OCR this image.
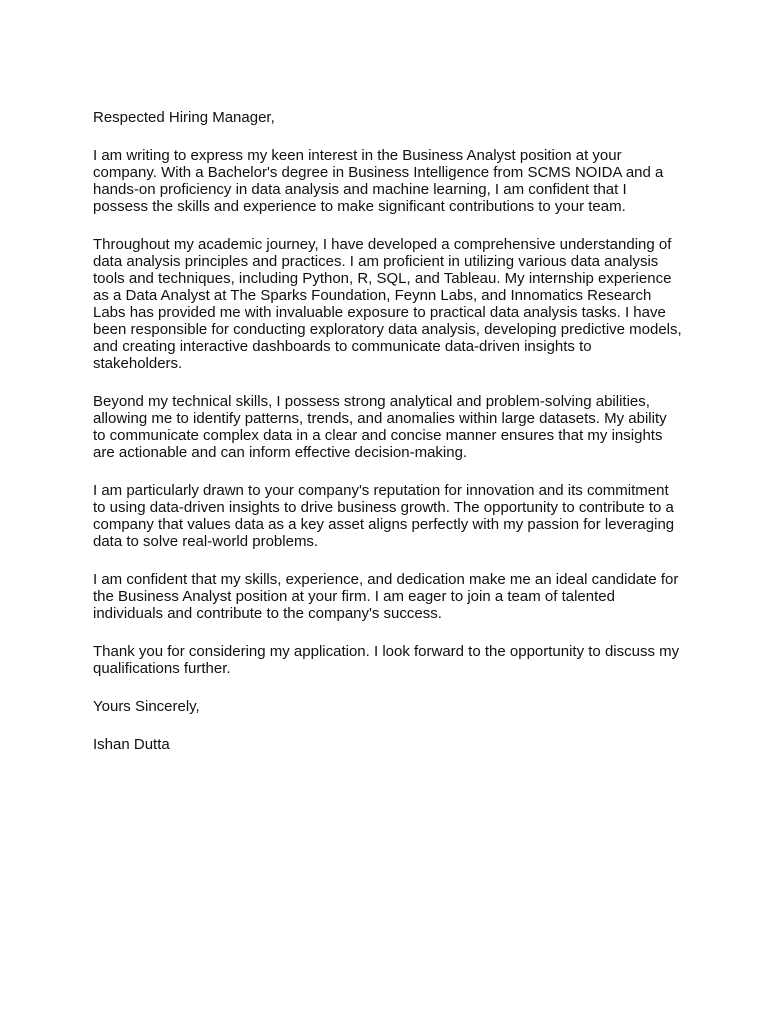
Respected Hiring Manager,

I am writing to express my keen interest in the Business Analyst position at your company. With a Bachelor's degree in Business Intelligence from SCMS NOIDA and a hands-on proficiency in data analysis and machine learning, I am confident that I possess the skills and experience to make significant contributions to your team.

Throughout my academic journey, I have developed a comprehensive understanding of data analysis principles and practices. I am proficient in utilizing various data analysis tools and techniques, including Python, R, SQL, and Tableau. My internship experience as a Data Analyst at The Sparks Foundation, Feynn Labs, and Innomatics Research Labs has provided me with invaluable exposure to practical data analysis tasks. I have been responsible for conducting exploratory data analysis, developing predictive models, and creating interactive dashboards to communicate data-driven insights to stakeholders.

Beyond my technical skills, I possess strong analytical and problem-solving abilities, allowing me to identify patterns, trends, and anomalies within large datasets. My ability to communicate complex data in a clear and concise manner ensures that my insights are actionable and can inform effective decision-making.

I am particularly drawn to your company's reputation for innovation and its commitment to using data-driven insights to drive business growth. The opportunity to contribute to a company that values data as a key asset aligns perfectly with my passion for leveraging data to solve real-world problems.

I am confident that my skills, experience, and dedication make me an ideal candidate for the Business Analyst position at your firm. I am eager to join a team of talented individuals and contribute to the company's success.

Thank you for considering my application. I look forward to the opportunity to discuss my qualifications further.

Yours Sincerely,

Ishan Dutta
